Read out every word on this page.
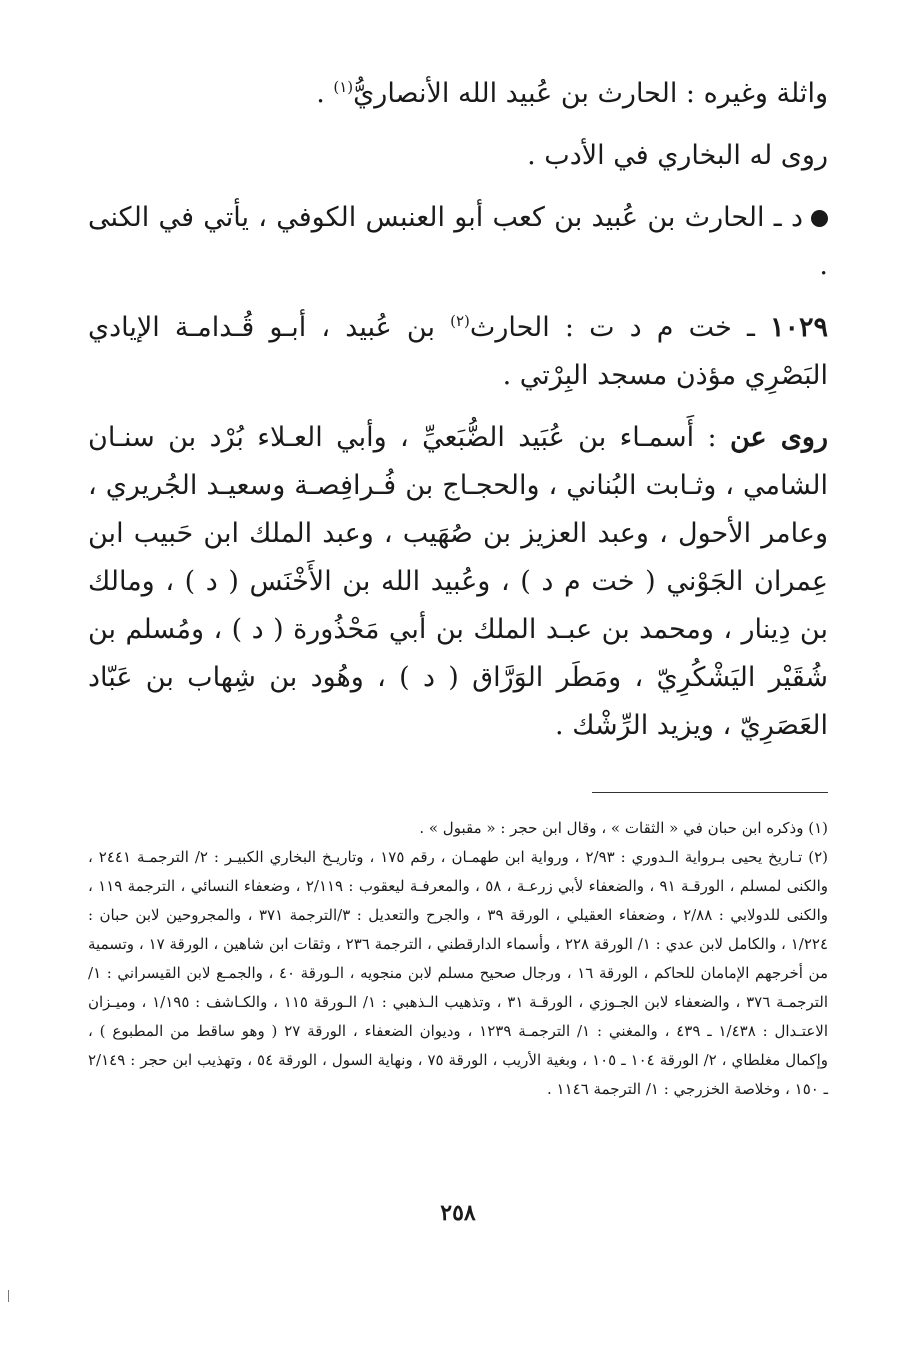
واثلة وغيره : الحارث بن عُبيد الله الأنصاريُّ$^{(١)}$ .

روى له البخاري في الأدب .

د ـ الحارث بن عُبيد بن كعب أبو العنبس الكوفي ، يأتي في الكنى .

١٠٢٩ ـ خت م د ت : الحارث$^{(٢)}$ بن عُبيد ، أبـو قُـدامـة الإيادي البَصْرِي مؤذن مسجد البِرْتي .

روى عن : أَسمـاء بن عُبَيد الضُّبَعيِّ ، وأبي العـلاء بُرْد بن سنـان الشامي ، وثـابت البُناني ، والحجـاج بن فُـرافِصـة وسعيـد الجُريري ، وعامر الأحول ، وعبد العزيز بن صُهَيب ، وعبد الملك ابن حَبيب ابن عِمران الجَوْني ( خت م د ) ، وعُبيد الله بن الأَخْنَس ( د ) ، ومالك بن دِينار ، ومحمد بن عبـد الملك بن أبي مَحْذُورة ( د ) ، ومُسلم بن شُقَيْر اليَشْكُرِيّ ، ومَطَر الوَرَّاق ( د ) ، وهُود بن شِهاب بن عَبّاد العَصَرِيّ ، ويزيد الرِّشْك .

(١) وذكره ابن حبان في « الثقات » ، وقال ابن حجر : « مقبول » .

(٢) تـاريخ يحيى بـرواية الـدوري : ٢/٩٣ ، ورواية ابن طهمـان ، رقم ١٧٥ ، وتاريـخ البخاري الكبيـر : ٢/ الترجمـة ٢٤٤١ ، والكنى لمسلم ، الورقـة ٩١ ، والضعفاء لأبي زرعـة ، ٥٨ ، والمعرفـة ليعقوب : ٢/١١٩ ، وضعفاء النسائي ، الترجمة ١١٩ ، والكنى للدولابي : ٢/٨٨ ، وضعفاء العقيلي ، الورقة ٣٩ ، والجرح والتعديل : ٣/الترجمة ٣٧١ ، والمجروحين لابن حبان : ١/٢٢٤ ، والكامل لابن عدي : ١/ الورقة ٢٢٨ ، وأسماء الدارقطني ، الترجمة ٢٣٦ ، وثقات ابن شاهين ، الورقة ١٧ ، وتسمية من أخرجهم الإمامان للحاكم ، الورقة ١٦ ، ورجال صحيح مسلم لابن منجويه ، الـورقة ٤٠ ، والجمـع لابن القيسراني : ١/ الترجمـة ٣٧٦ ، والضعفاء لابن الجـوزي ، الورقـة ٣١ ، وتذهيب الـذهبي : ١/ الـورقة ١١٥ ، والكـاشف : ١/١٩٥ ، وميـزان الاعتـدال : ١/٤٣٨ ـ ٤٣٩ ، والمغني : ١/ الترجمـة ١٢٣٩ ، وديوان الضعفاء ، الورقة ٢٧ ( وهو ساقط من المطبوع ) ، وإكمال مغلطاي ، ٢/ الورقة ١٠٤ ـ ١٠٥ ، وبغية الأريب ، الورقة ٧٥ ، ونهاية السول ، الورقة ٥٤ ، وتهذيب ابن حجر : ٢/١٤٩ ـ ١٥٠ ، وخلاصة الخزرجي : ١/ الترجمة ١١٤٦ .

٢٥٨
